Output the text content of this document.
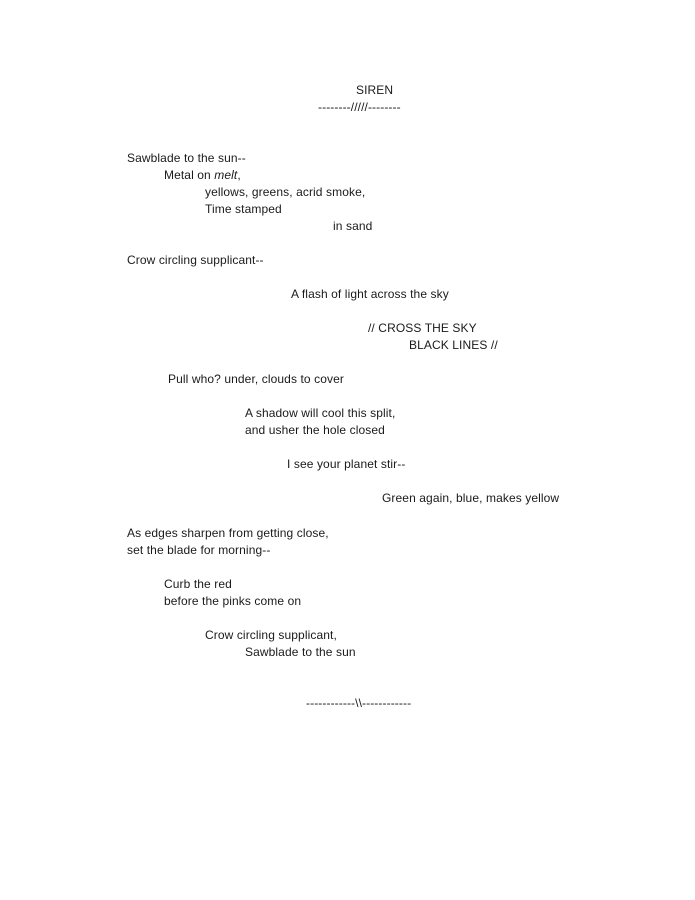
SIREN
--------/////--------
Sawblade to the sun--
Metal on melt,
yellows, greens, acrid smoke,
Time stamped
in sand
Crow circling supplicant--
A flash of light across the sky
// CROSS THE SKY
BLACK LINES //
Pull who? under, clouds to cover
A shadow will cool this split,
and usher the hole closed
I see your planet stir--
Green again, blue, makes yellow
As edges sharpen from getting close,
set the blade for morning--
Curb the red
before the pinks come on
Crow circling supplicant,
Sawblade to the sun
------------\\------------
